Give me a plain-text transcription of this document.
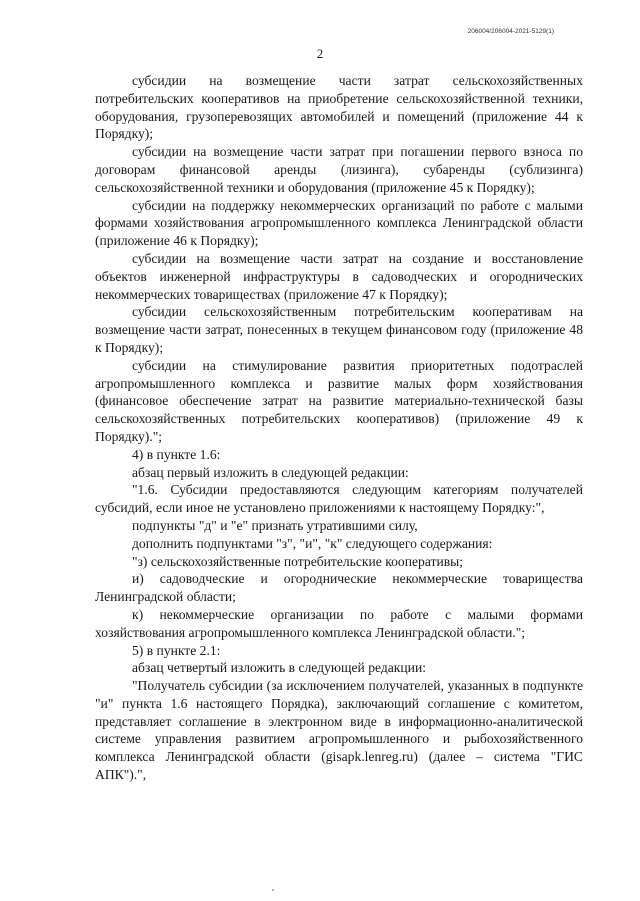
206004/206004-2021-5129(1)
2

субсидии на возмещение части затрат сельскохозяйственных потребительских кооперативов на приобретение сельскохозяйственной техники, оборудования, грузоперевозящих автомобилей и помещений (приложение 44 к Порядку);

субсидии на возмещение части затрат при погашении первого взноса по договорам финансовой аренды (лизинга), субаренды (сублизинга) сельскохозяйственной техники и оборудования (приложение 45 к Порядку);

субсидии на поддержку некоммерческих организаций по работе с малыми формами хозяйствования агропромышленного комплекса Ленинградской области (приложение 46 к Порядку);

субсидии на возмещение части затрат на создание и восстановление объектов инженерной инфраструктуры в садоводческих и огороднических некоммерческих товариществах (приложение 47 к Порядку);

субсидии сельскохозяйственным потребительским кооперативам на возмещение части затрат, понесенных в текущем финансовом году (приложение 48 к Порядку);

субсидии на стимулирование развития приоритетных подотраслей агропромышленного комплекса и развитие малых форм хозяйствования (финансовое обеспечение затрат на развитие материально-технической базы сельскохозяйственных потребительских кооперативов) (приложение 49 к Порядку).";

4) в пункте 1.6:

абзац первый изложить в следующей редакции:

"1.6. Субсидии предоставляются следующим категориям получателей субсидий, если иное не установлено приложениями к настоящему Порядку:",

подпункты "д" и "е" признать утратившими силу,

дополнить подпунктами "з", "и", "к" следующего содержания:

"з) сельскохозяйственные потребительские кооперативы;

и) садоводческие и огороднические некоммерческие товарищества Ленинградской области;

к) некоммерческие организации по работе с малыми формами хозяйствования агропромышленного комплекса Ленинградской области.";

5) в пункте 2.1:

абзац четвертый изложить в следующей редакции:

"Получатель субсидии (за исключением получателей, указанных в подпункте "и" пункта 1.6 настоящего Порядка), заключающий соглашение с комитетом, представляет соглашение в электронном виде в информационно-аналитической системе управления развитием агропромышленного и рыбохозяйственного комплекса Ленинградской области (gisapk.lenreg.ru) (далее – система "ГИС АПК").",
